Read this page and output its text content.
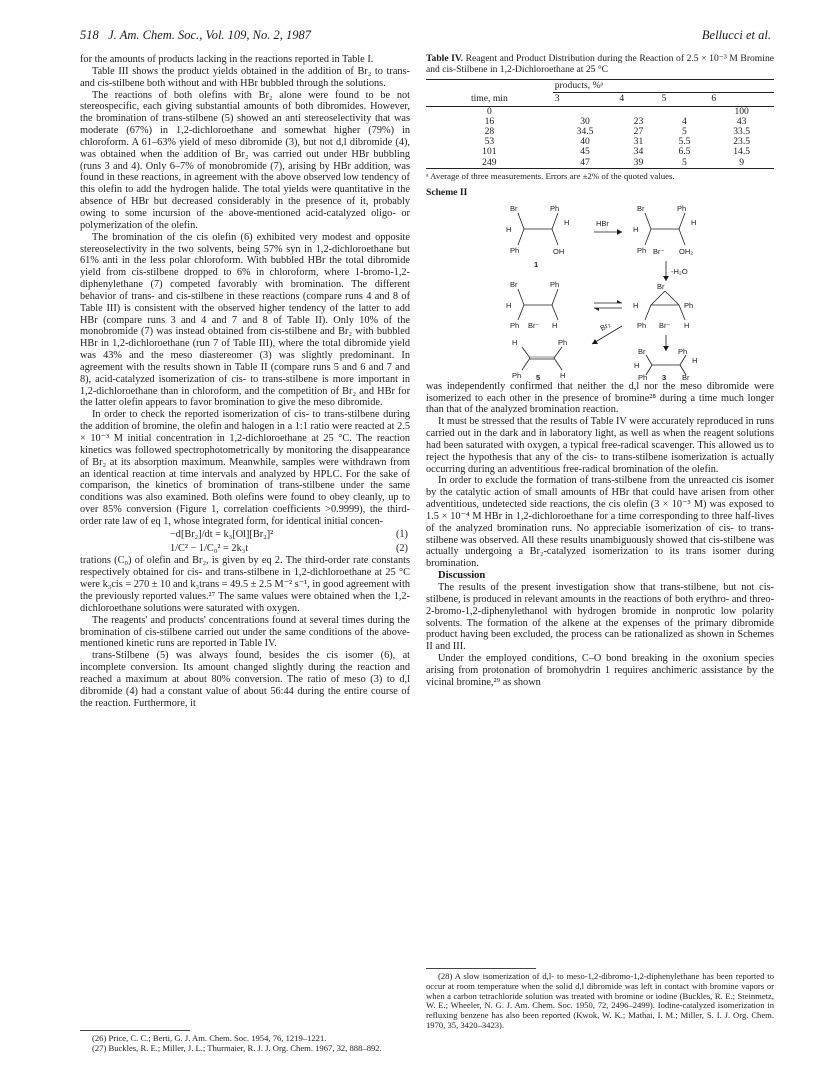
518 J. Am. Chem. Soc., Vol. 109, No. 2, 1987	Bellucci et al.

for the amounts of products lacking in the reactions reported in Table I.

Table III shows the product yields obtained in the addition of Br₂ to trans- and cis-stilbene both without and with HBr bubbled through the solutions.

The reactions of both olefins with Br₂ alone were found to be not stereospecific, each giving substantial amounts of both dibromides. However, the bromination of trans-stilbene (5) showed an anti stereoselectivity that was moderate (67%) in 1,2-dichloroethane and somewhat higher (79%) in chloroform. A 61–63% yield of meso dibromide (3), but not d,l dibromide (4), was obtained when the addition of Br₂ was carried out under HBr bubbling (runs 3 and 4). Only 6–7% of monobromide (7), arising by HBr addition, was found in these reactions, in agreement with the above observed low tendency of this olefin to add the hydrogen halide. The total yields were quantitative in the absence of HBr but decreased considerably in the presence of it, probably owing to some incursion of the above-mentioned acid-catalyzed oligo- or polymerization of the olefin.

The bromination of the cis olefin (6) exhibited very modest and opposite stereoselectivity in the two solvents, being 57% syn in 1,2-dichloroethane but 61% anti in the less polar chloroform. With bubbled HBr the total dibromide yield from cis-stilbene dropped to 6% in chloroform, where 1-bromo-1,2-diphenylethane (7) competed favorably with bromination. The different behavior of trans- and cis-stilbene in these reactions (compare runs 4 and 8 of Table III) is consistent with the observed higher tendency of the latter to add HBr (compare runs 3 and 4 and 7 and 8 of Table II). Only 10% of the monobromide (7) was instead obtained from cis-stilbene and Br₂ with bubbled HBr in 1,2-dichloroethane (run 7 of Table III), where the total dibromide yield was 43% and the meso diastereomer (3) was slightly predominant. In agreement with the results shown in Table II (compare runs 5 and 6 and 7 and 8), acid-catalyzed isomerization of cis- to trans-stilbene is more important in 1,2-dichloroethane than in chloroform, and the competition of Br₂ and HBr for the latter olefin appears to favor bromination to give the meso dibromide.

In order to check the reported isomerization of cis- to trans-stilbene during the addition of bromine, the olefin and halogen in a 1:1 ratio were reacted at 2.5 × 10⁻³ M initial concentration in 1,2-dichloroethane at 25 °C. The reaction kinetics was followed spectrophotometrically by monitoring the disappearance of Br₂ at its absorption maximum. Meanwhile, samples were withdrawn from an identical reaction at time intervals and analyzed by HPLC. For the sake of comparison, the kinetics of bromination of trans-stilbene under the same conditions was also examined. Both olefins were found to obey cleanly, up to over 85% conversion (Figure 1, correlation coefficients >0.9999), the third-order rate law of eq 1, whose integrated form, for identical initial concen-

−d[Br₂]/dt = k₃[Ol][Br₂]²	(1)
1/C² − 1/C₀² = 2k₃t	(2)

trations (C₀) of olefin and Br₂, is given by eq 2. The third-order rate constants respectively obtained for cis- and trans-stilbene in 1,2-dichloroethane at 25 °C were k₃cis = 270 ± 10 and k₃trans = 49.5 ± 2.5 M⁻² s⁻¹, in good agreement with the previously reported values.²⁷ The same values were obtained when the 1,2-dichloroethane solutions were saturated with oxygen.

The reagents' and products' concentrations found at several times during the bromination of cis-stilbene carried out under the same conditions of the above-mentioned kinetic runs are reported in Table IV.

trans-Stilbene (5) was always found, besides the cis isomer (6), at incomplete conversion. Its amount changed slightly during the reaction and reached a maximum at about 80% conversion. The ratio of meso (3) to d,l dibromide (4) had a constant value of about 56:44 during the entire course of the reaction. Furthermore, it

(26) Price, C. C.; Berti, G. J. Am. Chem. Soc. 1954, 76, 1219–1221.

(27) Buckles, R. E.; Miller, J. L.; Thurmaier, R. J. J. Org. Chem. 1967, 32, 888–892.

Table IV. Reagent and Product Distribution during the Reaction of 2.5 × 10⁻³ M Bromine and cis-Stilbene in 1,2-Dichloroethane at 25 °C
	products, %ᵃ			
time, min	3	4	5	6
0				100
16	30	23	4	43
28	34.5	27	5	33.5
53	40	31	5.5	23.5
101	45	34	6.5	14.5
249	47	39	5	9
ᵃ Average of three measurements. Errors are ±2% of the quoted values.
Scheme II
Br	Ph
H
H
Ph	OH
1
HBr
Br	Ph
H
H
Ph Br⁻ OH₂
-H₂O
Br
H	Ph
Ph Br⁻ H
Br	Ph
H
Ph Br⁻ H	Br₂
H	Ph
Ph	H
5
Br	Ph
H
H
Ph	Br
3

was independently confirmed that neither the d,l nor the meso dibromide were isomerized to each other in the presence of bromine²⁸ during a time much longer than that of the analyzed bromination reaction.

It must be stressed that the results of Table IV were accurately reproduced in runs carried out in the dark and in laboratory light, as well as when the reagent solutions had been saturated with oxygen, a typical free-radical scavenger. This allowed us to reject the hypothesis that any of the cis- to trans-stilbene isomerization is actually occurring during an adventitious free-radical bromination of the olefin.

In order to exclude the formation of trans-stilbene from the unreacted cis isomer by the catalytic action of small amounts of HBr that could have arisen from other adventitious, undetected side reactions, the cis olefin (3 × 10⁻³ M) was exposed to 1.5 × 10⁻⁴ M HBr in 1,2-dichloroethane for a time corresponding to three half-lives of the analyzed bromination runs. No appreciable isomerization of cis- to trans-stilbene was observed. All these results unambiguously showed that cis-stilbene was actually undergoing a Br₂-catalyzed isomerization to its trans isomer during bromination.

Discussion

The results of the present investigation show that trans-stilbene, but not cis-stilbene, is produced in relevant amounts in the reactions of both erythro- and threo-2-bromo-1,2-diphenylethanol with hydrogen bromide in nonprotic low polarity solvents. The formation of the alkene at the expenses of the primary dibromide product having been excluded, the process can be rationalized as shown in Schemes II and III.

Under the employed conditions, C–O bond breaking in the oxonium species arising from protonation of bromohydrin 1 requires anchimeric assistance by the vicinal bromine,²⁹ as shown

(28) A slow isomerization of d,l- to meso-1,2-dibromo-1,2-diphenylethane has been reported to occur at room temperature when the solid d,l dibromide was left in contact with bromine vapors or when a carbon tetrachloride solution was treated with bromine or iodine (Buckles, R. E.; Steinmetz, W. E.; Wheeler, N. G. J. Am. Chem. Soc. 1950, 72, 2496–2499). Iodine-catalyzed isomerization in refluxing benzene has also been reported (Kwok, W. K.; Mathai, I. M.; Miller, S. I. J. Org. Chem. 1970, 35, 3420–3423).
